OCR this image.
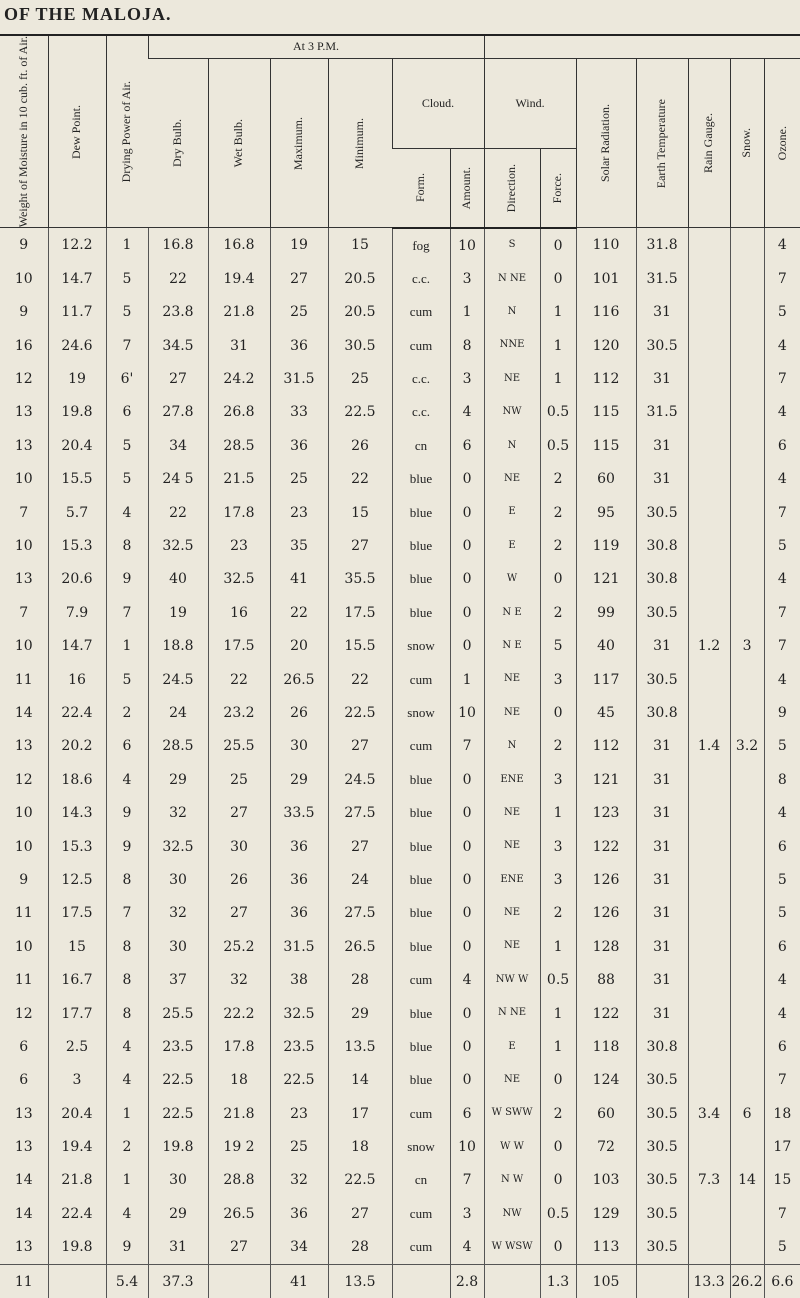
OF THE MALOJA.
Weight of Moisture in 10 cub. ft. of Air.	Dew Point.	Drying Power of Air.	At 3 P.M.												

			Dry Bulb.	Wet Bulb.	Maximum.	Minimum.	Cloud.		Wind.		Solar Radiation.	Earth Temperature	Rain Gauge.	Snow.	Ozone.

							Form.	Amount.	Direction.	Force.					

9	12.2	1	16.8	16.8	19	15	fog	10	S	0	110	31.8			4
10	14.7	5	22	19.4	27	20.5	c.c.	3	N NE	0	101	31.5			7
9	11.7	5	23.8	21.8	25	20.5	cum	1	N	1	116	31			5
16	24.6	7	34.5	31	36	30.5	cum	8	NNE	1	120	30.5			4
12	19	6'	27	24.2	31.5	25	c.c.	3	NE	1	112	31			7
13	19.8	6	27.8	26.8	33	22.5	c.c.	4	NW	0.5	115	31.5			4
13	20.4	5	34	28.5	36	26	cn	6	N	0.5	115	31			6
10	15.5	5	24 5	21.5	25	22	blue	0	NE	2	60	31			4
7	5.7	4	22	17.8	23	15	blue	0	E	2	95	30.5			7
10	15.3	8	32.5	23	35	27	blue	0	E	2	119	30.8			5
13	20.6	9	40	32.5	41	35.5	blue	0	W	0	121	30.8			4
7	7.9	7	19	16	22	17.5	blue	0	N E	2	99	30.5			7
10	14.7	1	18.8	17.5	20	15.5	snow	0	N E	5	40	31	1.2	3	7
11	16	5	24.5	22	26.5	22	cum	1	NE	3	117	30.5			4
14	22.4	2	24	23.2	26	22.5	snow	10	NE	0	45	30.8			9
13	20.2	6	28.5	25.5	30	27	cum	7	N	2	112	31	1.4	3.2	5
12	18.6	4	29	25	29	24.5	blue	0	ENE	3	121	31			8
10	14.3	9	32	27	33.5	27.5	blue	0	NE	1	123	31			4
10	15.3	9	32.5	30	36	27	blue	0	NE	3	122	31			6
9	12.5	8	30	26	36	24	blue	0	ENE	3	126	31			5
11	17.5	7	32	27	36	27.5	blue	0	NE	2	126	31			5
10	15	8	30	25.2	31.5	26.5	blue	0	NE	1	128	31			6
11	16.7	8	37	32	38	28	cum	4	NW W	0.5	88	31			4
12	17.7	8	25.5	22.2	32.5	29	blue	0	N NE	1	122	31			4
6	2.5	4	23.5	17.8	23.5	13.5	blue	0	E	1	118	30.8			6
6	3	4	22.5	18	22.5	14	blue	0	NE	0	124	30.5			7
13	20.4	1	22.5	21.8	23	17	cum	6	W SWW	2	60	30.5	3.4	6	18
13	19.4	2	19.8	19 2	25	18	snow	10	W W	0	72	30.5			17
14	21.8	1	30	28.8	32	22.5	cn	7	N W	0	103	30.5	7.3	14	15
14	22.4	4	29	26.5	36	27	cum	3	NW	0.5	129	30.5			7
13	19.8	9	31	27	34	28	cum	4	W WSW	0	113	30.5			5
11		5.4	37.3		41	13.5		2.8		1.3	105		13.3	26.2	6.6
